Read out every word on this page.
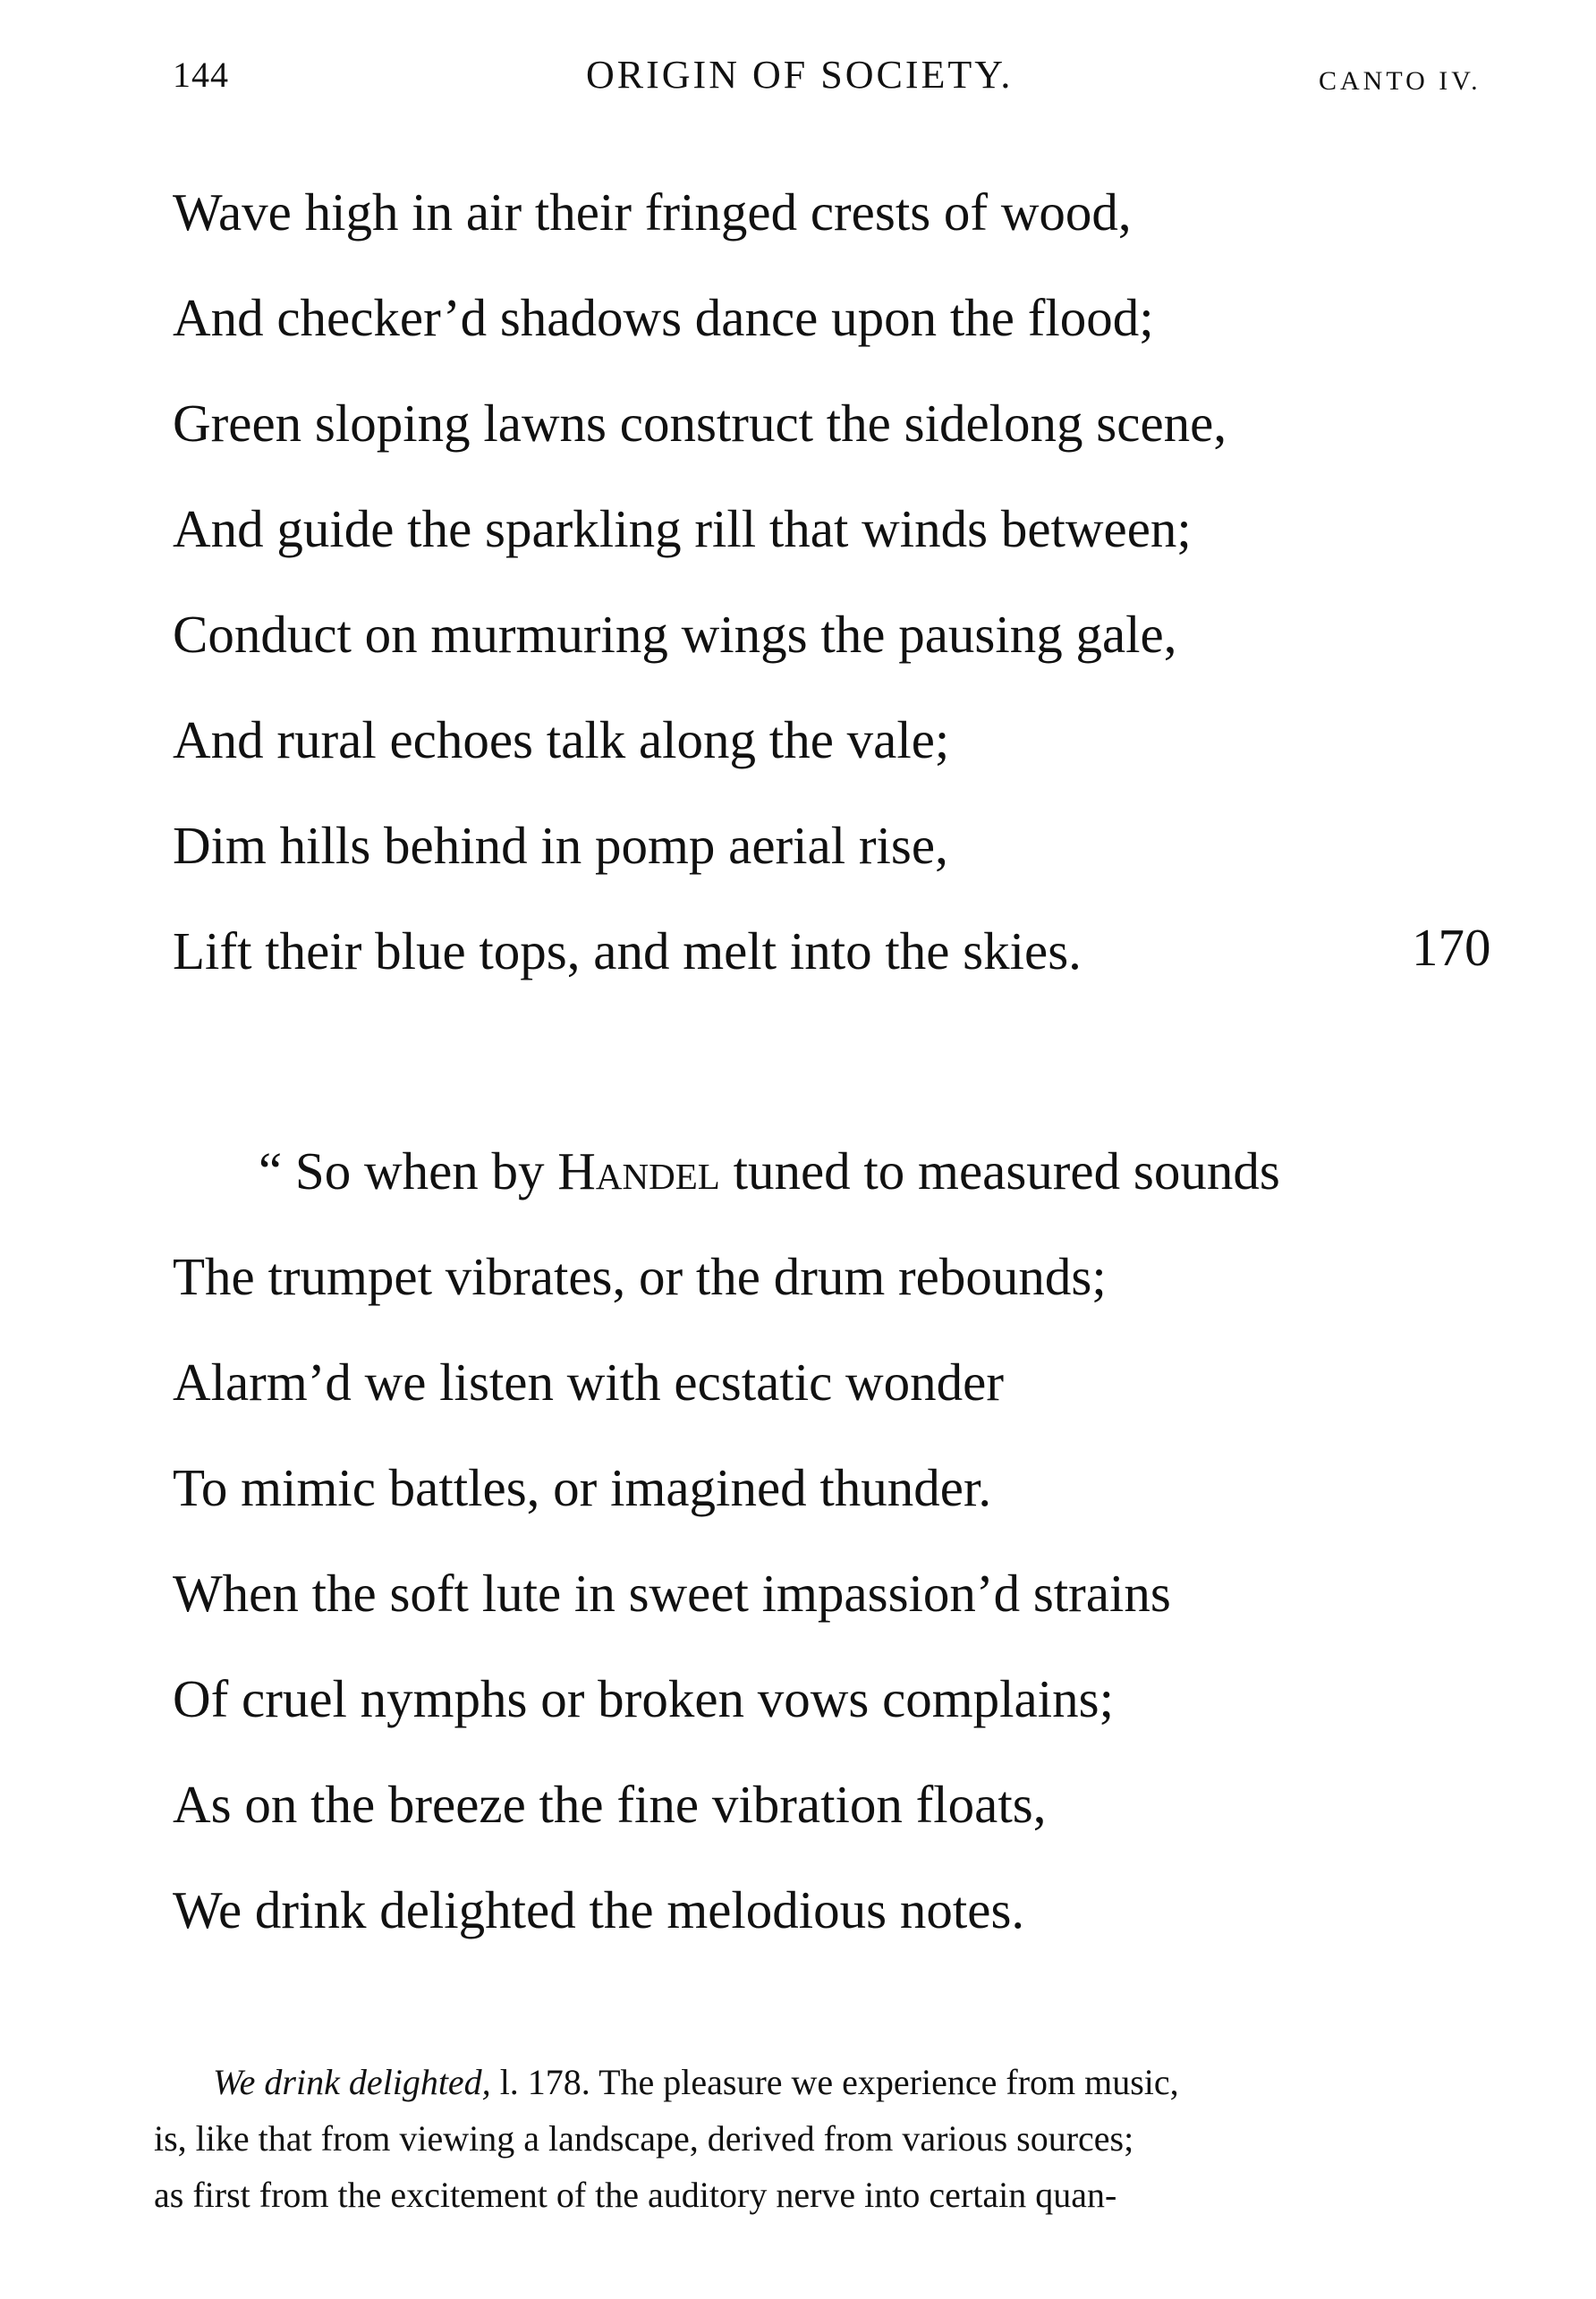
144	ORIGIN OF SOCIETY.	CANTO IV.
Wave high in air their fringed crests of wood,
And checker’d shadows dance upon the flood;
Green sloping lawns construct the sidelong scene,
And guide the sparkling rill that winds between;
Conduct on murmuring wings the pausing gale,
And rural echoes talk along the vale;
Dim hills behind in pomp aerial rise,
Lift their blue tops, and melt into the skies.	170
“ So when by Handel tuned to measured sounds
The trumpet vibrates, or the drum rebounds;
Alarm’d we listen with ecstatic wonder
To mimic battles, or imagined thunder.
When the soft lute in sweet impassion’d strains
Of cruel nymphs or broken vows complains;
As on the breeze the fine vibration floats,
We drink delighted the melodious notes.
We drink delighted, l. 178. The pleasure we experience from music,
is, like that from viewing a landscape, derived from various sources;
as first from the excitement of the auditory nerve into certain quan-
